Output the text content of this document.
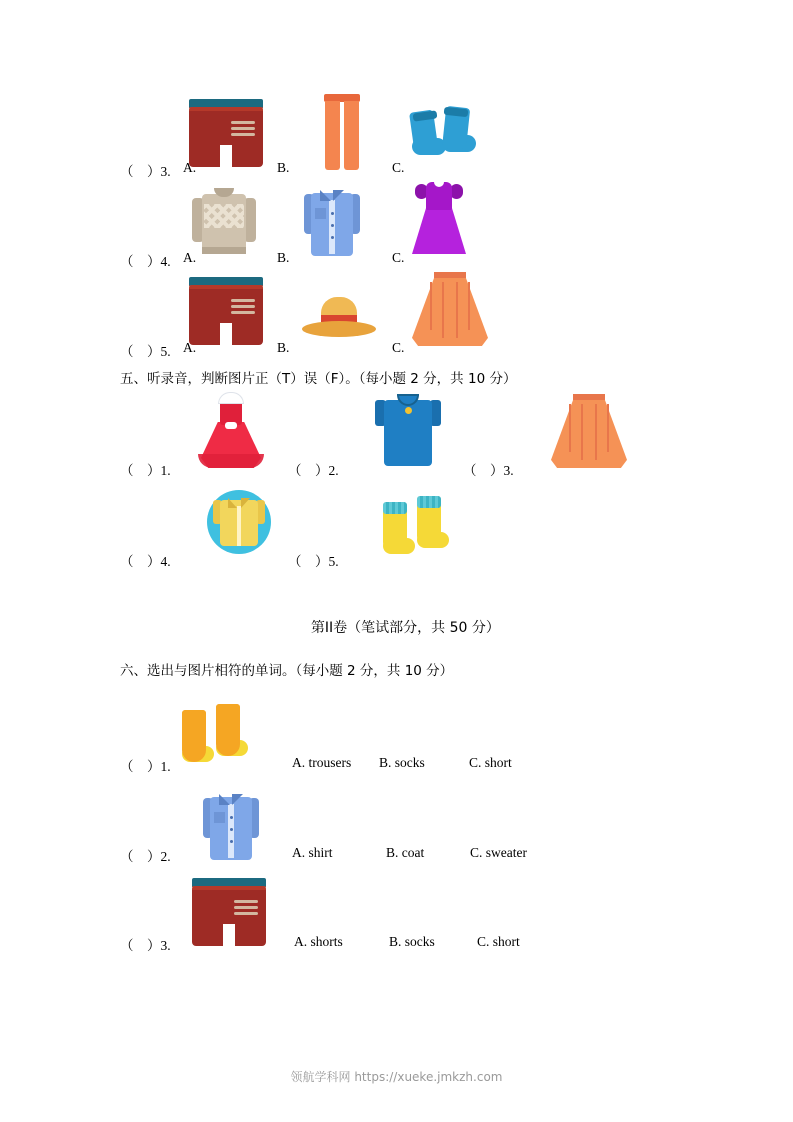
（    ）3. A.	B.	C.
（    ）4. A.	B.	C.
（    ）5. A.	B.	C.
五、听录音，判断图片正（T）误（F）。（每小题 2 分，共 10 分）
（    ）1.	（    ）2.	（    ）3.
（    ）4.	（    ）5.

第II卷（笔试部分，共 50 分）

六、选出与图片相符的单词。（每小题 2 分，共 10 分）
（    ）1.	A. trousers B. socks	C. short
（    ）2.	A. shirt	B. coat	C. sweater
（    ）3.	A. shorts	B. socks	C. short
领航学科网 https://xueke.jmkzh.com
